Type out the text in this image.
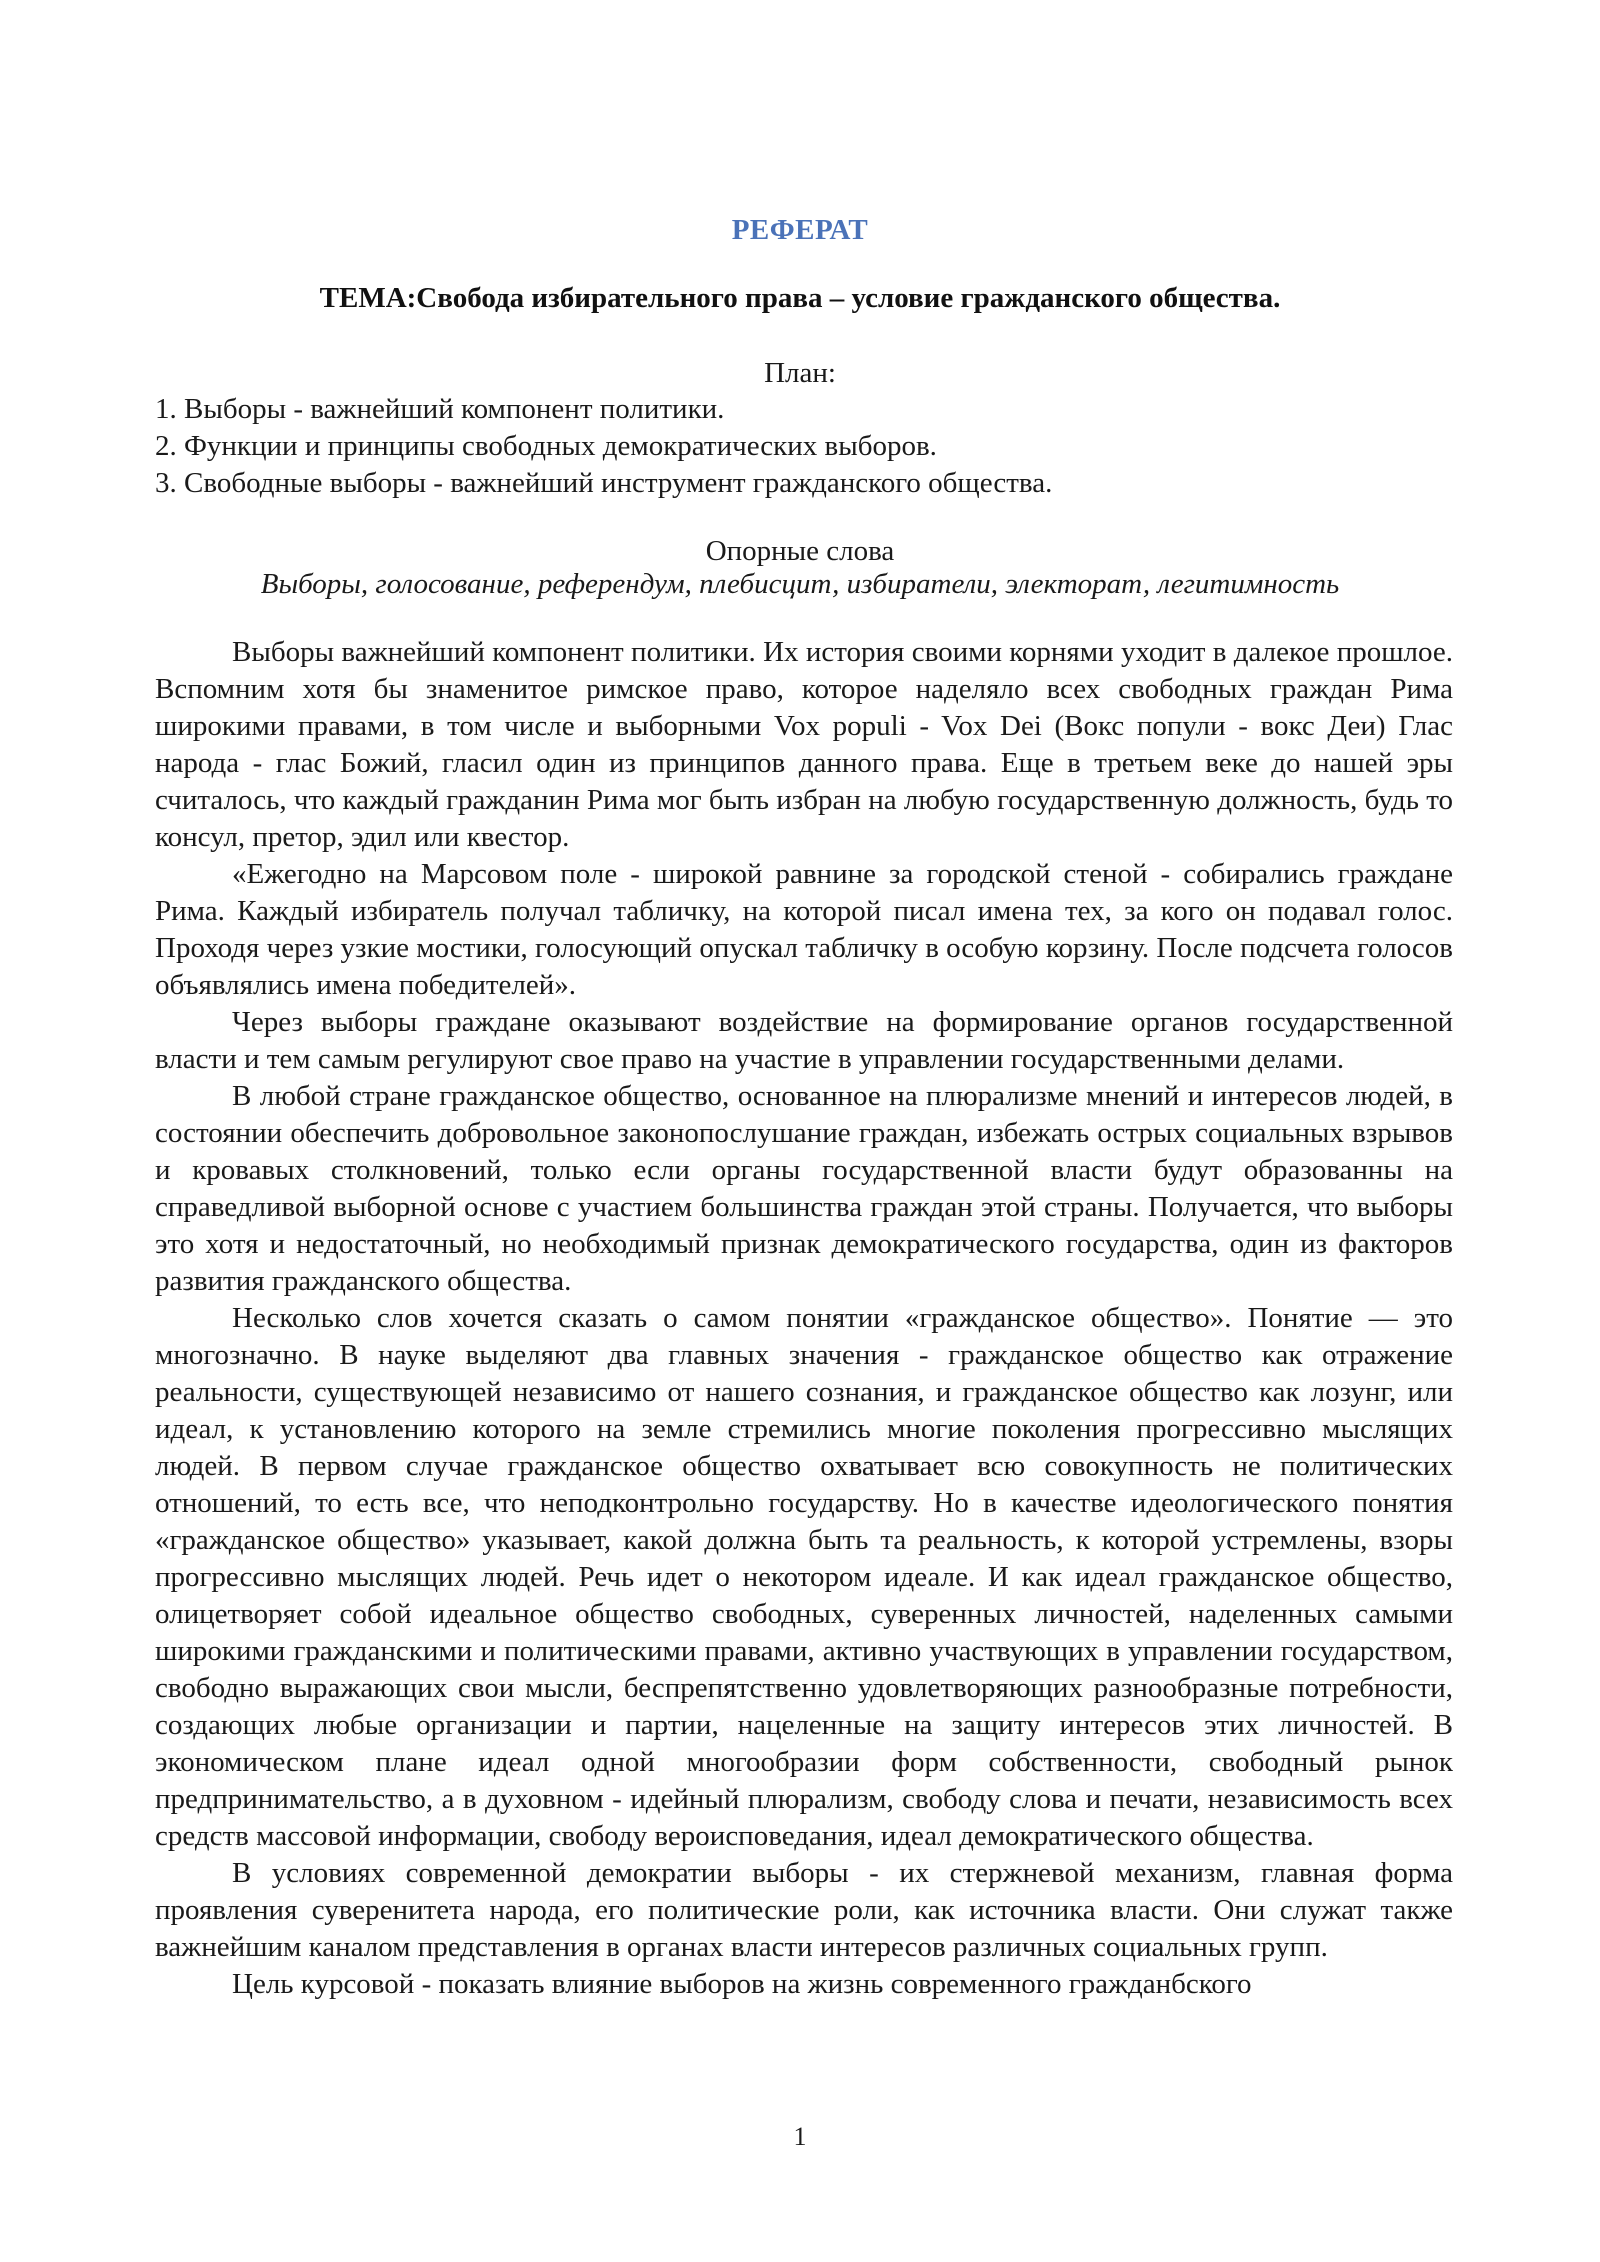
РЕФЕРАТ
ТЕМА:Свобода избирательного права – условие гражданского общества.
План:
1. Выборы - важнейший компонент политики.
2. Функции и принципы свободных демократических выборов.
3. Свободные выборы - важнейший инструмент гражданского общества.
Опорные слова
Выборы, голосование, референдум, плебисцит, избиратели, электорат, легитимность

Выборы важнейший компонент политики. Их история своими корнями уходит в далекое прошлое. Вспомним хотя бы знаменитое римское право, которое наделяло всех свободных граждан Рима широкими правами, в том числе и выборными Vox populi - Vox Dei (Вокс попули - вокс Деи) Глас народа - глас Божий, гласил один из принципов данного права. Еще в третьем веке до нашей эры считалось, что каждый гражданин Рима мог быть избран на любую государственную должность, будь то консул, претор, эдил или квестор.

«Ежегодно на Марсовом поле - широкой равнине за городской стеной - собирались граждане Рима. Каждый избиратель получал табличку, на которой писал имена тех, за кого он подавал голос. Проходя через узкие мостики, голосующий опускал табличку в особую корзину. После подсчета голосов объявлялись имена победителей».

Через выборы граждане оказывают воздействие на формирование органов государственной власти и тем самым регулируют свое право на участие в управлении государственными делами.

В любой стране гражданское общество, основанное на плюрализме мнений и интересов людей, в состоянии обеспечить добровольное законопослушание граждан, избежать острых социальных взрывов и кровавых столкновений, только если органы государственной власти будут образованны на справедливой выборной основе с участием большинства граждан этой страны. Получается, что выборы это хотя и недостаточный, но необходимый признак демократического государства, один из факторов развития гражданского общества.

Несколько слов хочется сказать о самом понятии «гражданское общество». Понятие — это многозначно. В науке выделяют два главных значения - гражданское общество как отражение реальности, существующей независимо от нашего сознания, и гражданское общество как лозунг, или идеал, к установлению которого на земле стремились многие поколения прогрессивно мыслящих людей. В первом случае гражданское общество охватывает всю совокупность не политических отношений, то есть все, что неподконтрольно государству. Но в качестве идеологического понятия «гражданское общество» указывает, какой должна быть та реальность, к которой устремлены, взоры прогрессивно мыслящих людей. Речь идет о некотором идеале. И как идеал гражданское общество, олицетворяет собой идеальное общество свободных, суверенных личностей, наделенных самыми широкими гражданскими и политическими правами, активно участвующих в управлении государством, свободно выражающих свои мысли, беспрепятственно удовлетворяющих разнообразные потребности, создающих любые организации и партии, нацеленные на защиту интересов этих личностей. В экономическом плане идеал одной многообразии форм собственности, свободный рынок предпринимательство, а в духовном - идейный плюрализм, свободу слова и печати, независимость всех средств массовой информации, свободу вероисповедания, идеал демократического общества.

В условиях современной демократии выборы - их стержневой механизм, главная форма проявления суверенитета народа, его политические роли, как источника власти. Они служат также важнейшим каналом представления в органах власти интересов различных социальных групп.

Цель курсовой - показать влияние выборов на жизнь современного гражданбского

1
